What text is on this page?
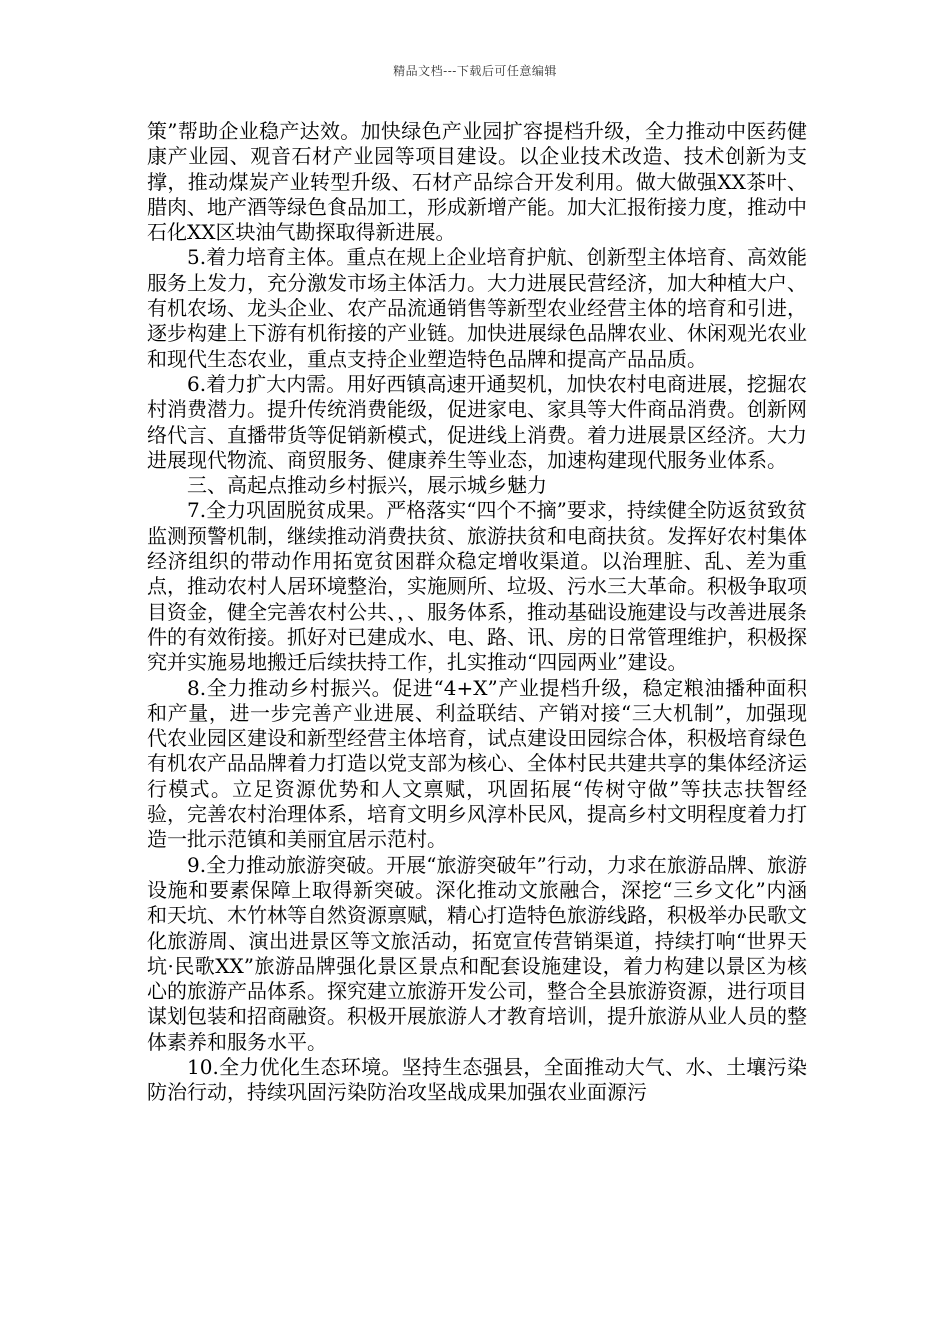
精品文档---下载后可任意编辑

策”帮助企业稳产达效。加快绿色产业园扩容提档升级，全力推动中医药健康产业园、观音石材产业园等项目建设。以企业技术改造、技术创新为支撑，推动煤炭产业转型升级、石材产品综合开发利用。做大做强XX茶叶、腊肉、地产酒等绿色食品加工，形成新增产能。加大汇报衔接力度，推动中石化XX区块油气勘探取得新进展。

5.着力培育主体。重点在规上企业培育护航、创新型主体培育、高效能服务上发力，充分激发市场主体活力。大力进展民营经济，加大种植大户、有机农场、龙头企业、农产品流通销售等新型农业经营主体的培育和引进，逐步构建上下游有机衔接的产业链。加快进展绿色品牌农业、休闲观光农业和现代生态农业，重点支持企业塑造特色品牌和提高产品品质。

6.着力扩大内需。用好西镇高速开通契机，加快农村电商进展，挖掘农村消费潜力。提升传统消费能级，促进家电、家具等大件商品消费。创新网络代言、直播带货等促销新模式，促进线上消费。着力进展景区经济。大力进展现代物流、商贸服务、健康养生等业态，加速构建现代服务业体系。

三、高起点推动乡村振兴，展示城乡魅力

7.全力巩固脱贫成果。严格落实“四个不摘”要求，持续健全防返贫致贫监测预警机制，继续推动消费扶贫、旅游扶贫和电商扶贫。发挥好农村集体经济组织的带动作用拓宽贫困群众稳定增收渠道。以治理脏、乱、差为重点，推动农村人居环境整治，实施厕所、垃圾、污水三大革命。积极争取项目资金，健全完善农村公共、，、服务体系，推动基础设施建设与改善进展条件的有效衔接。抓好对已建成水、电、路、讯、房的日常管理维护，积极探究并实施易地搬迁后续扶持工作，扎实推动“四园两业”建设。

8.全力推动乡村振兴。促进“4+X”产业提档升级，稳定粮油播种面积和产量，进一步完善产业进展、利益联结、产销对接“三大机制”，加强现代农业园区建设和新型经营主体培育，试点建设田园综合体，积极培育绿色有机农产品品牌着力打造以党支部为核心、全体村民共建共享的集体经济运行模式。立足资源优势和人文禀赋，巩固拓展“传树守做”等扶志扶智经验，完善农村治理体系，培育文明乡风淳朴民风，提高乡村文明程度着力打造一批示范镇和美丽宜居示范村。

9.全力推动旅游突破。开展“旅游突破年”行动，力求在旅游品牌、旅游设施和要素保障上取得新突破。深化推动文旅融合，深挖“三乡文化”内涵和天坑、木竹林等自然资源禀赋，精心打造特色旅游线路，积极举办民歌文化旅游周、演出进景区等文旅活动，拓宽宣传营销渠道，持续打响“世界天坑·民歌XX”旅游品牌强化景区景点和配套设施建设，着力构建以景区为核心的旅游产品体系。探究建立旅游开发公司，整合全县旅游资源，进行项目谋划包装和招商融资。积极开展旅游人才教育培训，提升旅游从业人员的整体素养和服务水平。

10.全力优化生态环境。坚持生态强县，全面推动大气、水、土壤污染防治行动，持续巩固污染防治攻坚战成果加强农业面源污
